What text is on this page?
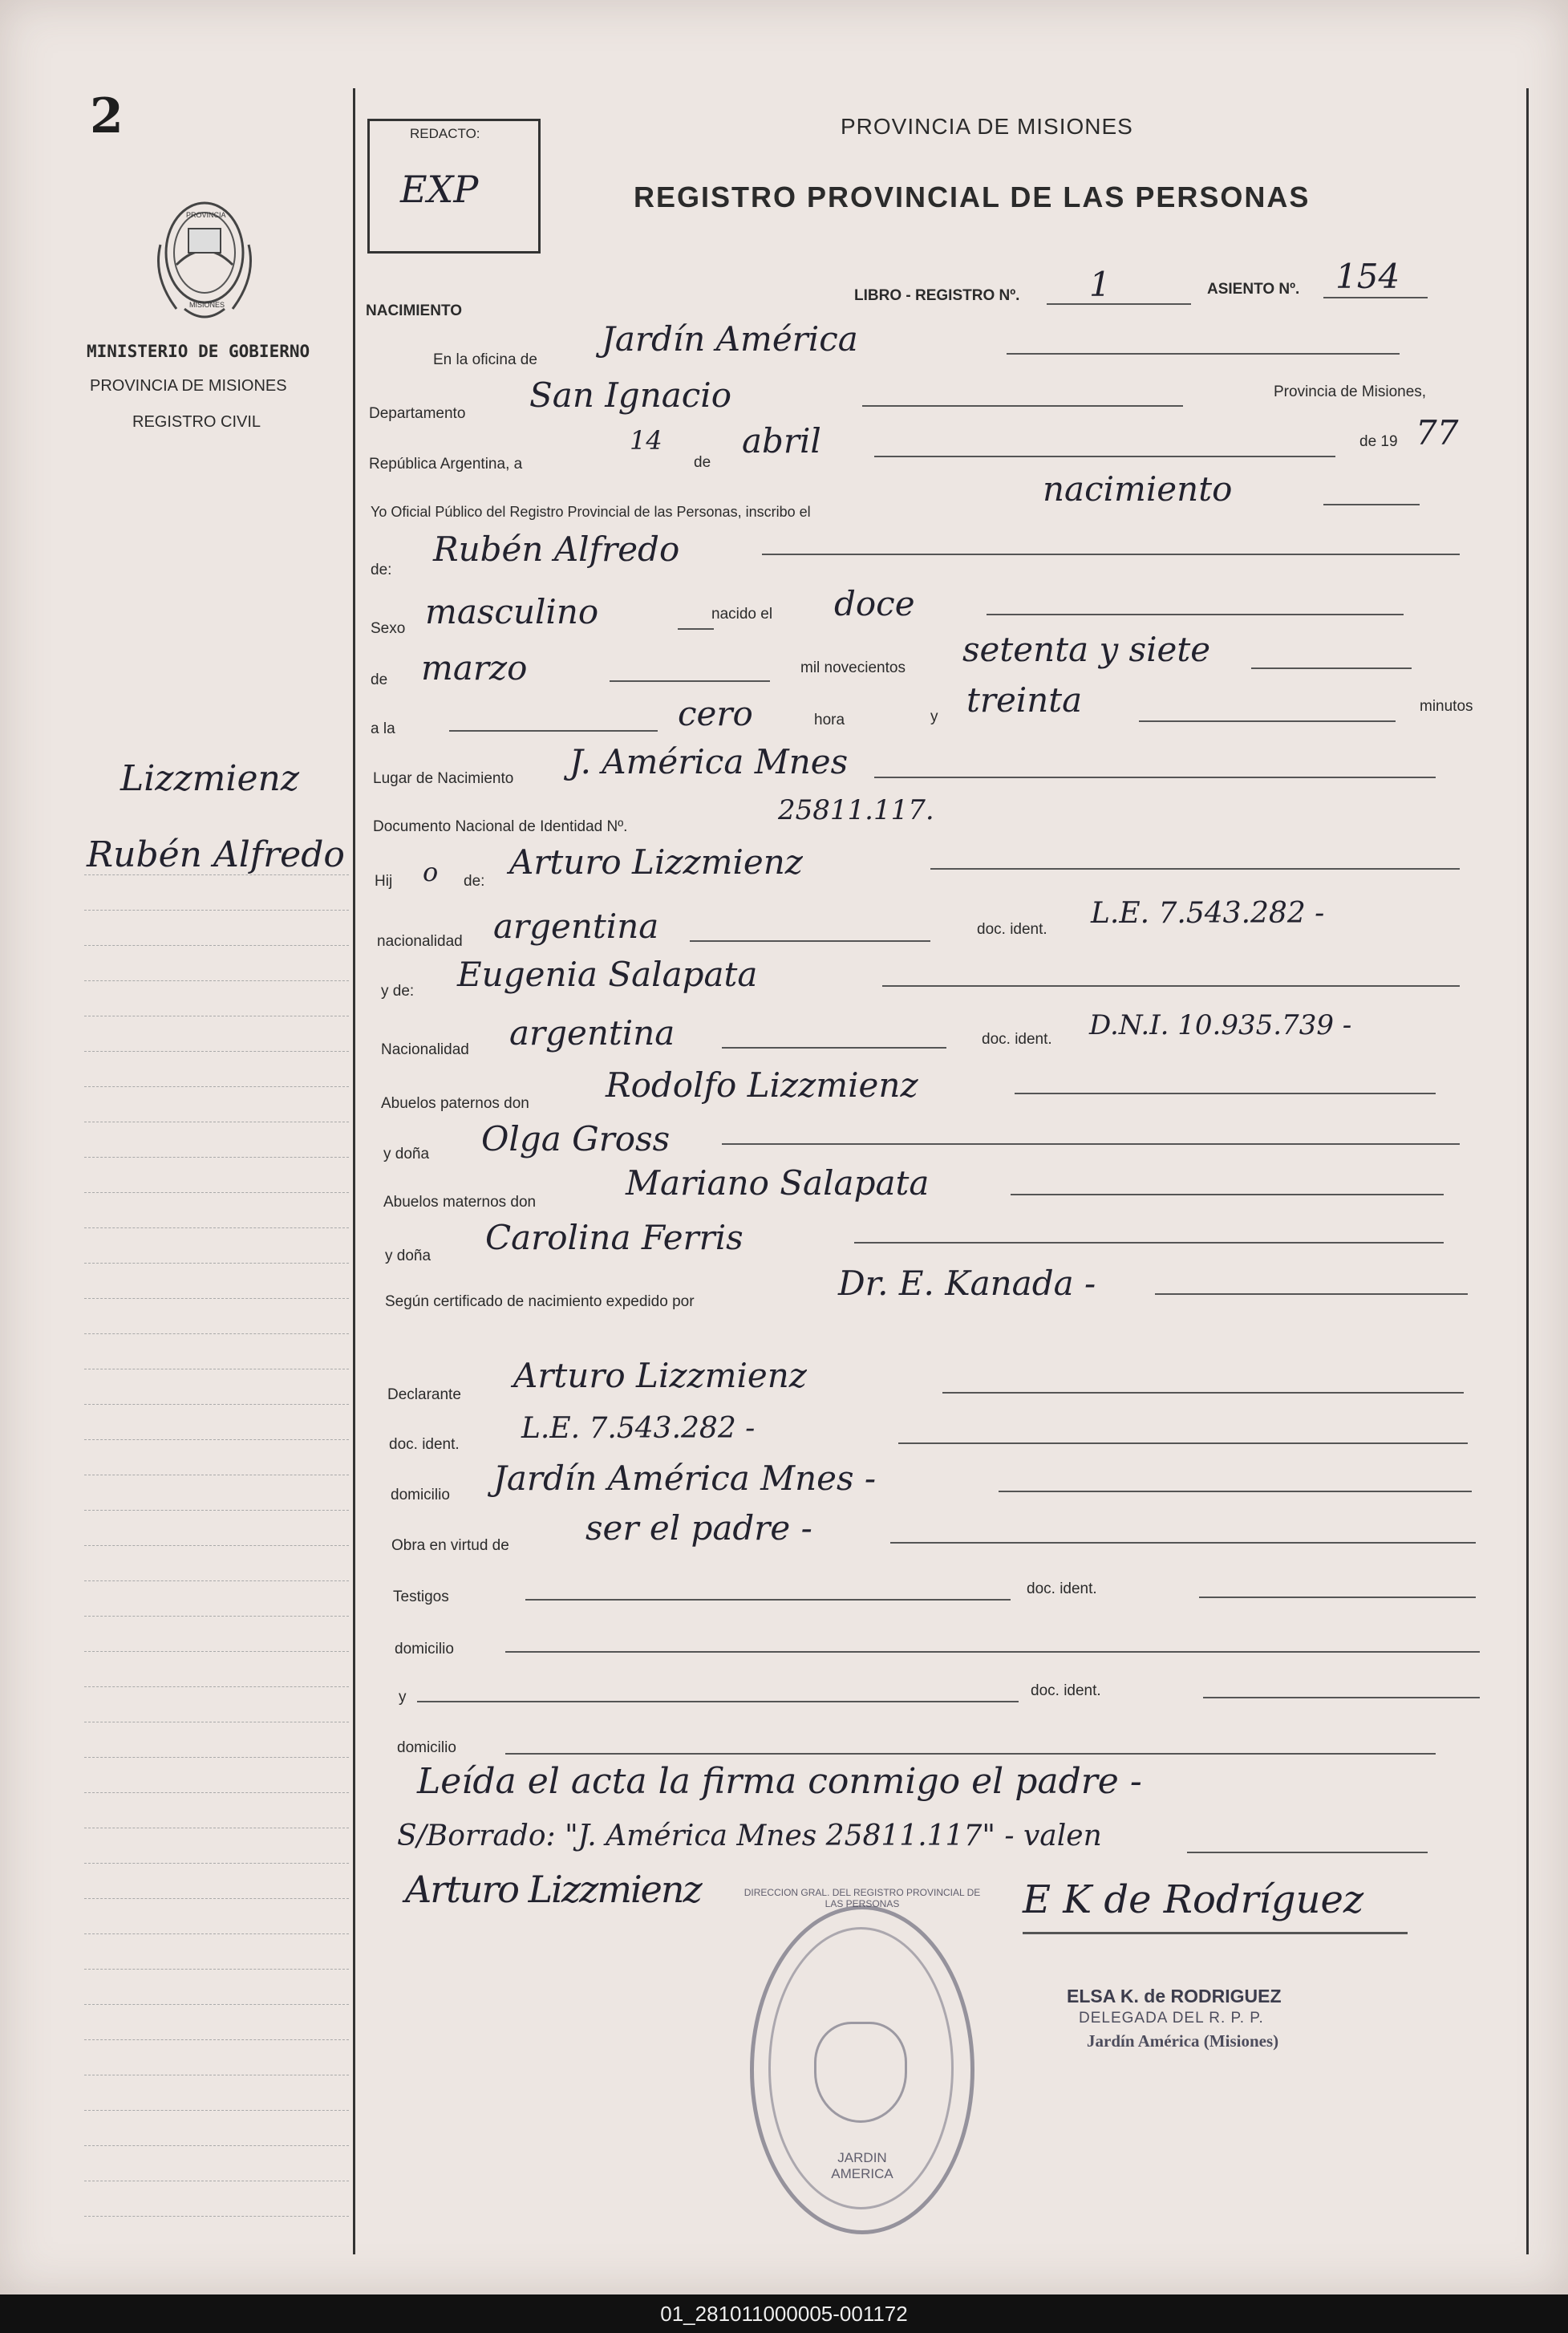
2
PROVINCIA
MISIONES
MINISTERIO DE GOBIERNO
PROVINCIA DE MISIONES
REGISTRO CIVIL
Lizzmienz
Rubén Alfredo
REDACTO:
EXP
PROVINCIA DE MISIONES
REGISTRO PROVINCIAL DE LAS PERSONAS
NACIMIENTO
LIBRO - REGISTRO Nº. 1	ASIENTO Nº. 154
En la oficina de
Jardín América
Departamento San Ignacio	Provincia de Misiones,
República Argentina, a
14
de
abril	de 19 77
Yo Oficial Público del Registro Provincial de las Personas, inscribo el
nacimiento
de:
Rubén Alfredo
Sexo masculino	nacido el doce
de marzo	mil novecientos setenta y siete
a la	cero	hora	y treinta	minutos
Lugar de Nacimiento J. América Mnes
Documento Nacional de Identidad Nº.
25811.117.
Hij o de: Arturo Lizzmienz
nacionalidad argentina	doc. ident. L.E. 7.543.282 -
y de: Eugenia Salapata
Nacionalidad argentina	doc. ident. D.N.I. 10.935.739 -
Abuelos paternos don Rodolfo Lizzmienz
y doña Olga Gross
Abuelos maternos don	Mariano Salapata
y doña Carolina Ferris
Según certificado de nacimiento expedido por	Dr. E. Kanada -
Declarante Arturo Lizzmienz
doc. ident. L.E. 7.543.282 -
domicilio Jardín América Mnes -
Obra en virtud de ser el padre -
Testigos	doc. ident.
domicilio
y	doc. ident.
domicilio
Leída el acta la firma conmigo el padre -
S/Borrado: "J. América Mnes 25811.117" - valen
Arturo Lizzmienz	E K de Rodríguez
ELSA K. de RODRIGUEZ
DELEGADA DEL R. P. P.
Jardín América (Misiones)
DIRECCION GRAL. DEL REGISTRO PROVINCIAL DE LAS PERSONAS
JARDIN AMERICA
01_281011000005-001172
